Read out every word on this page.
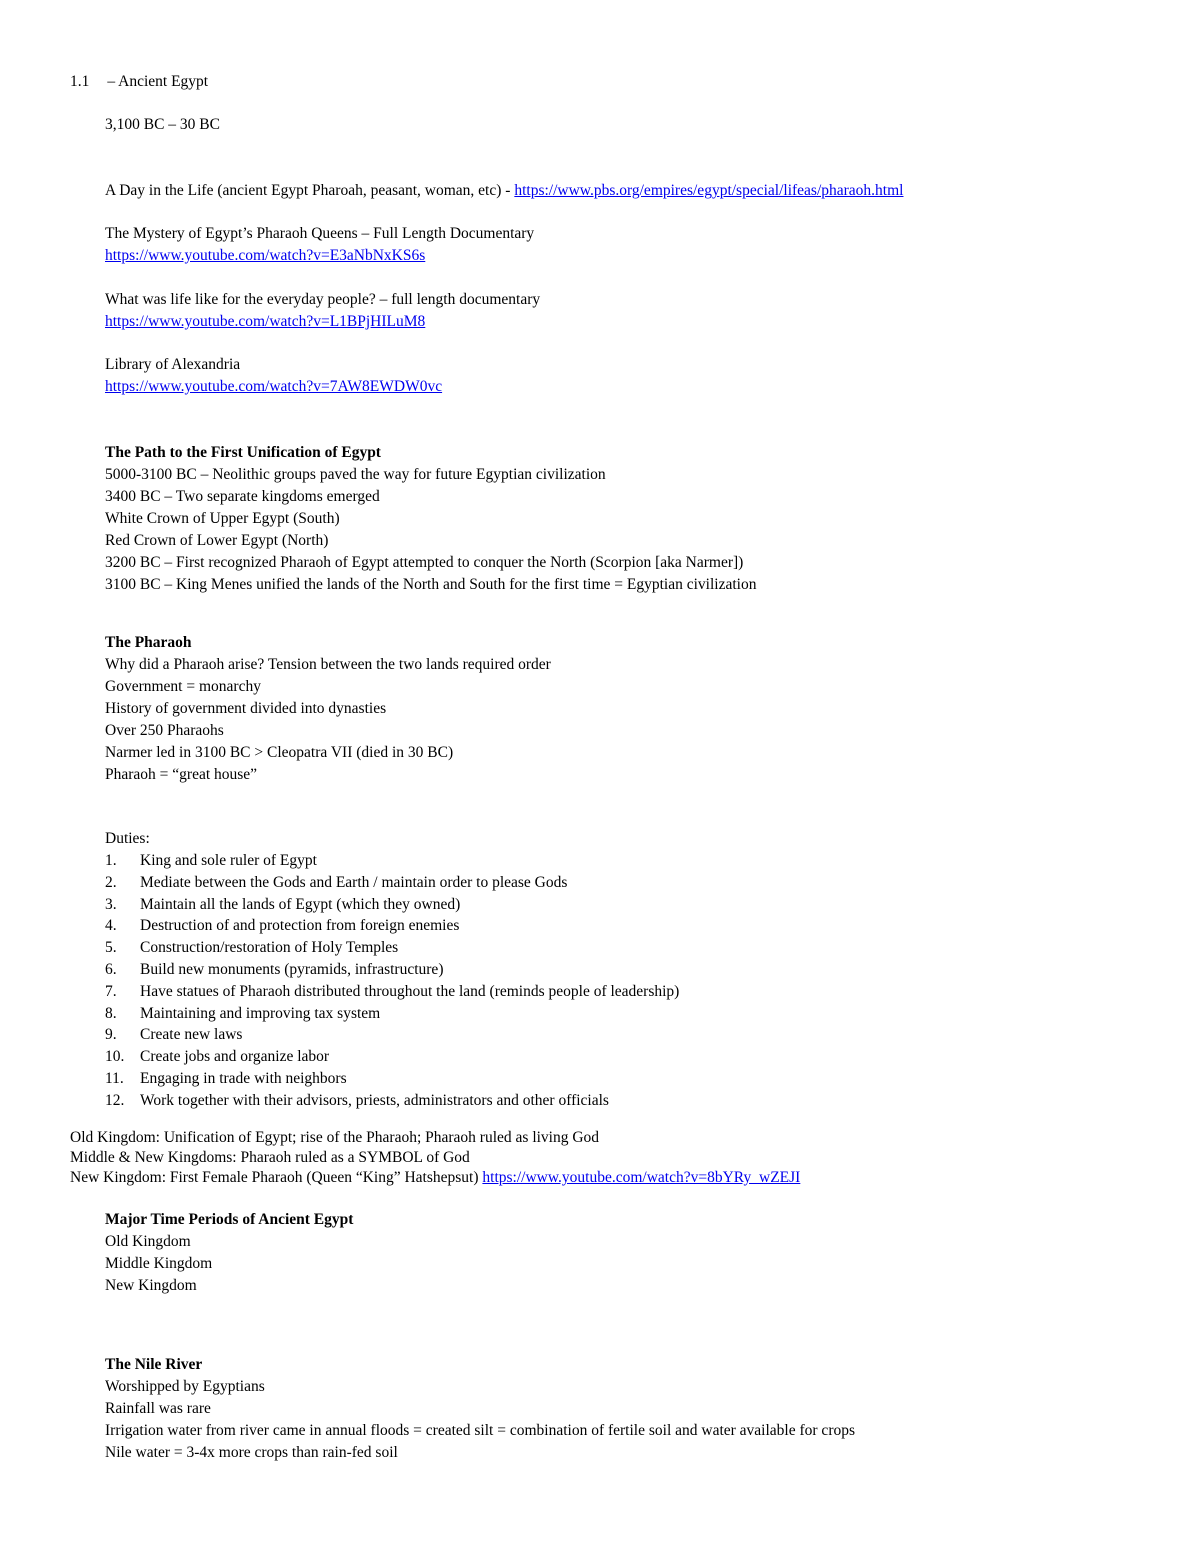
1.1 – Ancient Egypt
3,100 BC – 30 BC
A Day in the Life (ancient Egypt Pharoah, peasant, woman, etc) - https://www.pbs.org/empires/egypt/special/lifeas/pharaoh.html
The Mystery of Egypt’s Pharaoh Queens – Full Length Documentary
https://www.youtube.com/watch?v=E3aNbNxKS6s
What was life like for the everyday people? – full length documentary
https://www.youtube.com/watch?v=L1BPjHILuM8
Library of Alexandria
https://www.youtube.com/watch?v=7AW8EWDW0vc
The Path to the First Unification of Egypt
5000-3100 BC – Neolithic groups paved the way for future Egyptian civilization
3400 BC – Two separate kingdoms emerged
White Crown of Upper Egypt (South)
Red Crown of Lower Egypt (North)
3200 BC – First recognized Pharaoh of Egypt attempted to conquer the North (Scorpion [aka Narmer])
3100 BC – King Menes unified the lands of the North and South for the first time = Egyptian civilization
The Pharaoh
Why did a Pharaoh arise? Tension between the two lands required order
Government = monarchy
History of government divided into dynasties
Over 250 Pharaohs
Narmer led in 3100 BC > Cleopatra VII (died in 30 BC)
Pharaoh = “great house”
Duties:
1.	King and sole ruler of Egypt
2.	Mediate between the Gods and Earth / maintain order to please Gods
3.	Maintain all the lands of Egypt (which they owned)
4.	Destruction of and protection from foreign enemies
5.	Construction/restoration of Holy Temples
6.	Build new monuments (pyramids, infrastructure)
7.	Have statues of Pharaoh distributed throughout the land (reminds people of leadership)
8.	Maintaining and improving tax system
9.	Create new laws
10.	Create jobs and organize labor
11.	Engaging in trade with neighbors
12.	Work together with their advisors, priests, administrators and other officials
Old Kingdom: Unification of Egypt; rise of the Pharaoh; Pharaoh ruled as living God
Middle & New Kingdoms: Pharaoh ruled as a SYMBOL of God
New Kingdom: First Female Pharaoh (Queen “King” Hatshepsut) https://www.youtube.com/watch?v=8bYRy_wZEJI
Major Time Periods of Ancient Egypt
Old Kingdom
Middle Kingdom
New Kingdom
The Nile River
Worshipped by Egyptians
Rainfall was rare
Irrigation water from river came in annual floods = created silt = combination of fertile soil and water available for crops
Nile water = 3-4x more crops than rain-fed soil
